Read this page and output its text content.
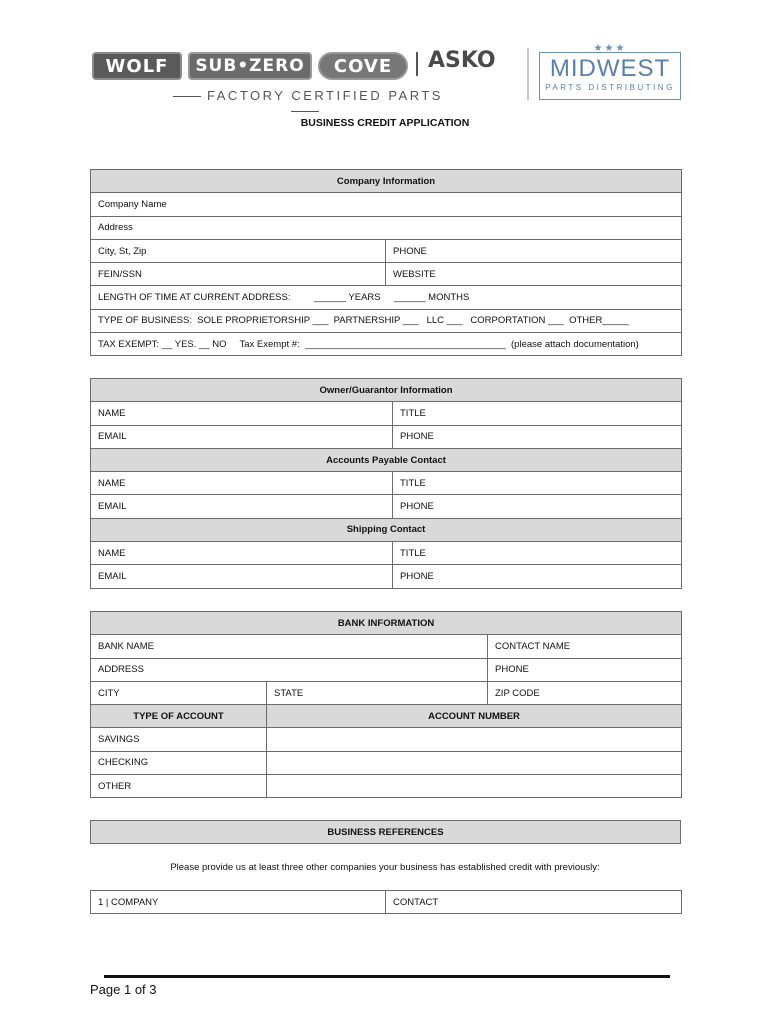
WOLF	SUB•ZERO	COVE	ASKO	★★★
MIDWEST
PARTS DISTRIBUTING
FACTORY CERTIFIED PARTS
BUSINESS CREDIT APPLICATION
Company Information	
Company Name	
Address	
City, St, Zip	PHONE
FEIN/SSN	WEBSITE
LENGTH OF TIME AT CURRENT ADDRESS:         ______ YEARS     ______ MONTHS	
TYPE OF BUSINESS:  SOLE PROPRIETORSHIP ___  PARTNERSHIP ___   LLC ___   CORPORTATION ___  OTHER_____	
TAX EXEMPT: __ YES. __ NO     Tax Exempt #:  ______________________________________  (please attach documentation)	
Owner/Guarantor Information	
NAME	TITLE
EMAIL	PHONE
Accounts Payable Contact	
NAME	TITLE
EMAIL	PHONE
Shipping Contact	
NAME	TITLE
EMAIL	PHONE
BANK INFORMATION		
BANK NAME		CONTACT NAME
ADDRESS		PHONE
CITY	STATE	ZIP CODE
TYPE OF ACCOUNT	ACCOUNT NUMBER	
SAVINGS		
CHECKING		
OTHER		
BUSINESS REFERENCES
Please provide us at least three other companies your business has established credit with previously:
1 | COMPANY	CONTACT
Page 1 of 3
